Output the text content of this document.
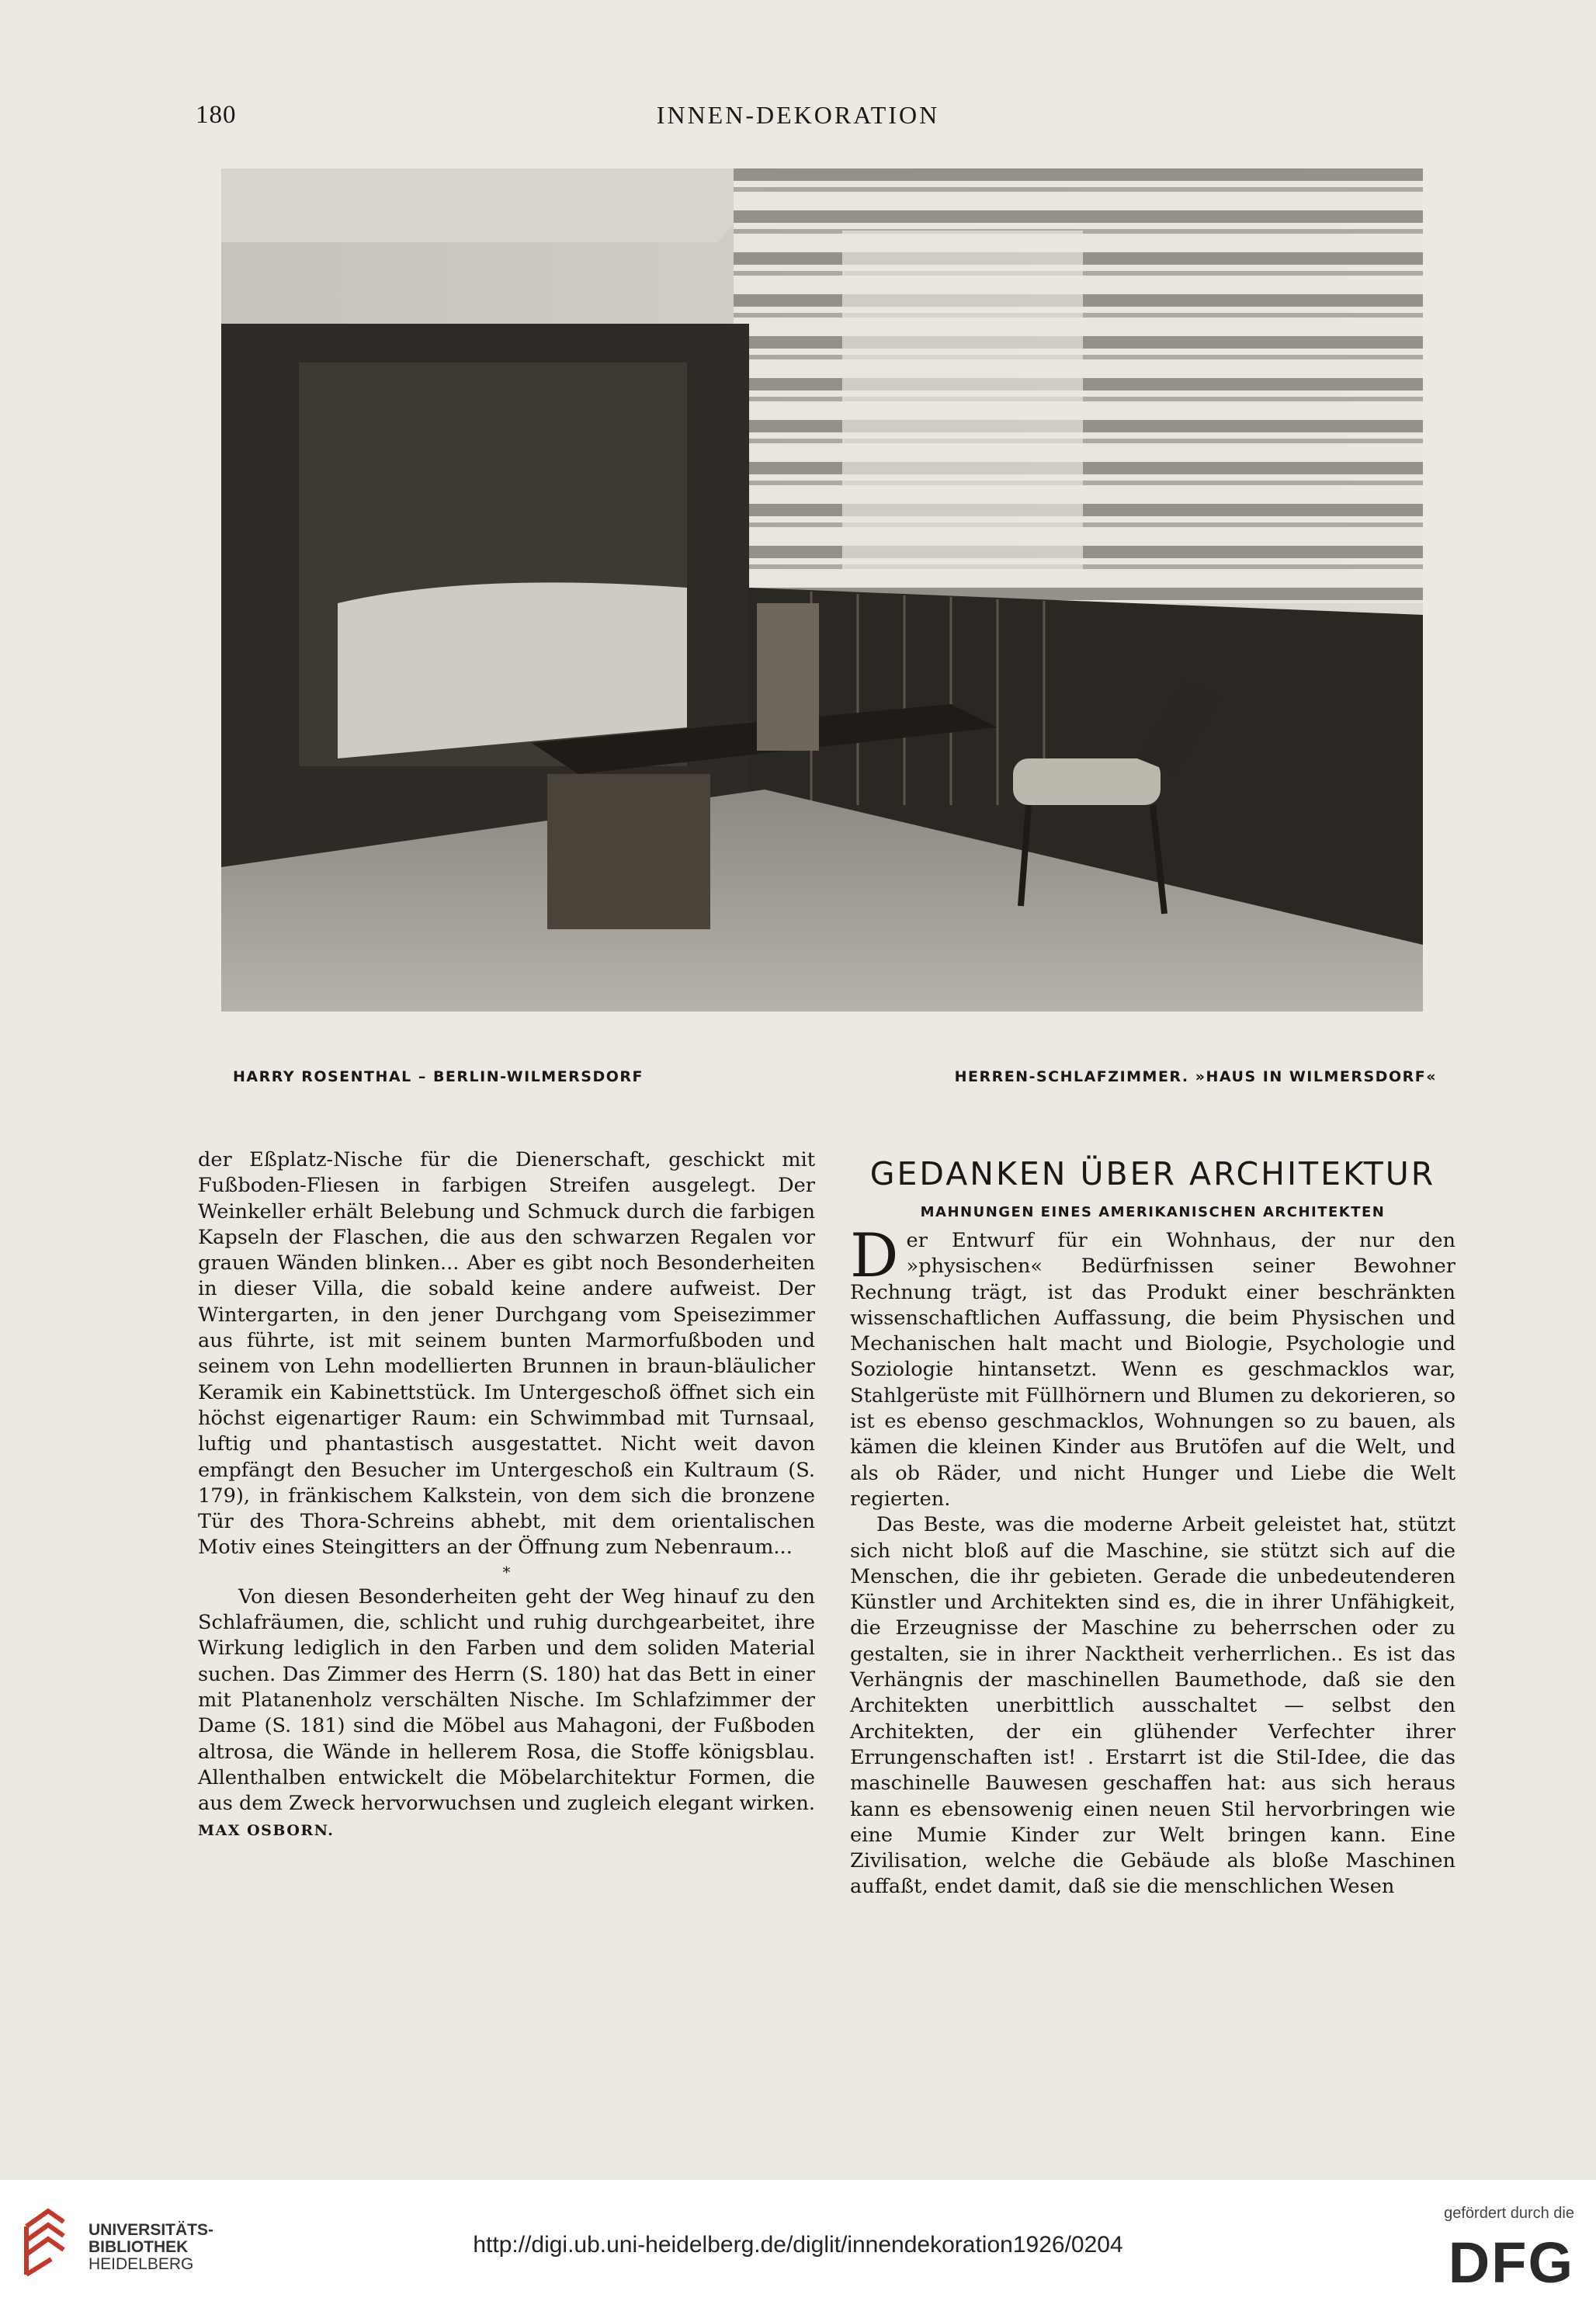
180	INNEN-DEKORATION
HARRY ROSENTHAL – BERLIN-WILMERSDORF	HERREN-SCHLAFZIMMER. »HAUS IN WILMERSDORF«

der Eßplatz-Nische für die Dienerschaft, geschickt mit Fußboden-Fliesen in farbigen Streifen ausgelegt. Der Weinkeller erhält Belebung und Schmuck durch die farbigen Kapseln der Flaschen, die aus den schwarzen Regalen vor grauen Wänden blinken... Aber es gibt noch Besonderheiten in dieser Villa, die sobald keine andere aufweist. Der Wintergarten, in den jener Durchgang vom Speisezimmer aus führte, ist mit seinem bunten Marmorfußboden und seinem von Lehn modellierten Brunnen in braun-bläulicher Keramik ein Kabinettstück. Im Untergeschoß öffnet sich ein höchst eigenartiger Raum: ein Schwimmbad mit Turnsaal, luftig und phantastisch ausgestattet. Nicht weit davon empfängt den Besucher im Untergeschoß ein Kultraum (S. 179), in fränkischem Kalkstein, von dem sich die bronzene Tür des Thora-Schreins abhebt, mit dem orientalischen Motiv eines Steingitters an der Öffnung zum Nebenraum...

*

Von diesen Besonderheiten geht der Weg hinauf zu den Schlafräumen, die, schlicht und ruhig durchgearbeitet, ihre Wirkung lediglich in den Farben und dem soliden Material suchen. Das Zimmer des Herrn (S. 180) hat das Bett in einer mit Platanenholz verschälten Nische. Im Schlafzimmer der Dame (S. 181) sind die Möbel aus Mahagoni, der Fußboden altrosa, die Wände in hellerem Rosa, die Stoffe königsblau. Allenthalben entwickelt die Möbelarchitektur Formen, die aus dem Zweck hervorwuchsen und zugleich elegant wirken. MAX OSBORN.

GEDANKEN ÜBER ARCHITEKTUR
MAHNUNGEN EINES AMERIKANISCHEN ARCHITEKTEN

Der Entwurf für ein Wohnhaus, der nur den »physischen« Bedürfnissen seiner Bewohner Rechnung trägt, ist das Produkt einer beschränkten wissenschaftlichen Auffassung, die beim Physischen und Mechanischen halt macht und Biologie, Psychologie und Soziologie hintansetzt. Wenn es geschmacklos war, Stahlgerüste mit Füllhörnern und Blumen zu dekorieren, so ist es ebenso geschmacklos, Wohnungen so zu bauen, als kämen die kleinen Kinder aus Brutöfen auf die Welt, und als ob Räder, und nicht Hunger und Liebe die Welt regierten.

Das Beste, was die moderne Arbeit geleistet hat, stützt sich nicht bloß auf die Maschine, sie stützt sich auf die Menschen, die ihr gebieten. Gerade die unbedeutenderen Künstler und Architekten sind es, die in ihrer Unfähigkeit, die Erzeugnisse der Maschine zu beherrschen oder zu gestalten, sie in ihrer Nacktheit verherrlichen.. Es ist das Verhängnis der maschinellen Baumethode, daß sie den Architekten unerbittlich ausschaltet — selbst den Architekten, der ein glühender Verfechter ihrer Errungenschaften ist! . Erstarrt ist die Stil-Idee, die das maschinelle Bauwesen geschaffen hat: aus sich heraus kann es ebensowenig einen neuen Stil hervorbringen wie eine Mumie Kinder zur Welt bringen kann. Eine Zivilisation, welche die Gebäude als bloße Maschinen auffaßt, endet damit, daß sie die menschlichen Wesen

UNIVERSITÄTS-
BIBLIOTHEK
HEIDELBERG
http://digi.ub.uni-heidelberg.de/diglit/innendekoration1926/0204
gefördert durch die
DFG
